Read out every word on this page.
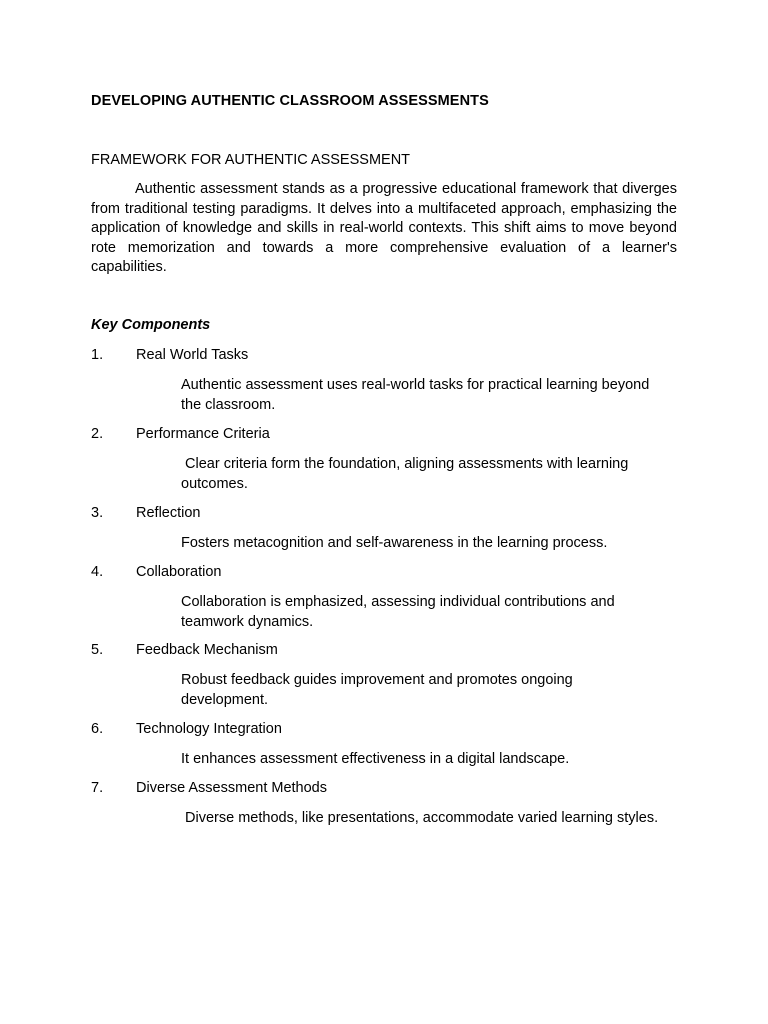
DEVELOPING AUTHENTIC CLASSROOM ASSESSMENTS
FRAMEWORK FOR AUTHENTIC ASSESSMENT

Authentic assessment stands as a progressive educational framework that diverges from traditional testing paradigms. It delves into a multifaceted approach, emphasizing the application of knowledge and skills in real-world contexts. This shift aims to move beyond rote memorization and towards a more comprehensive evaluation of a learner's capabilities.

Key Components
1. Real World Tasks

Authentic assessment uses real-world tasks for practical learning beyond the classroom.

2. Performance Criteria

Clear criteria form the foundation, aligning assessments with learning outcomes.

3. Reflection

Fosters metacognition and self-awareness in the learning process.

4. Collaboration

Collaboration is emphasized, assessing individual contributions and teamwork dynamics.

5. Feedback Mechanism

Robust feedback guides improvement and promotes ongoing development.

6. Technology Integration

It enhances assessment effectiveness in a digital landscape.

7. Diverse Assessment Methods

Diverse methods, like presentations, accommodate varied learning styles.
